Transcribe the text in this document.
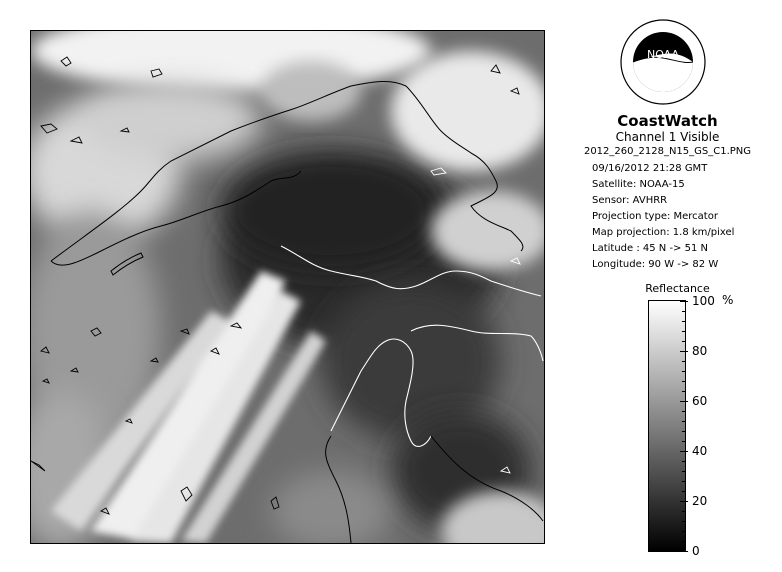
NOAA
CoastWatch
Channel 1 Visible
2012_260_2128_N15_GS_C1.PNG
09/16/2012 21:28 GMT
Satellite: NOAA-15
Sensor: AVHRR
Projection type: Mercator
Map projection: 1.8 km/pixel
Latitude : 45 N -> 51 N
Longitude: 90 W -> 82 W
Reflectance
%
100
80
60
40
20
0
